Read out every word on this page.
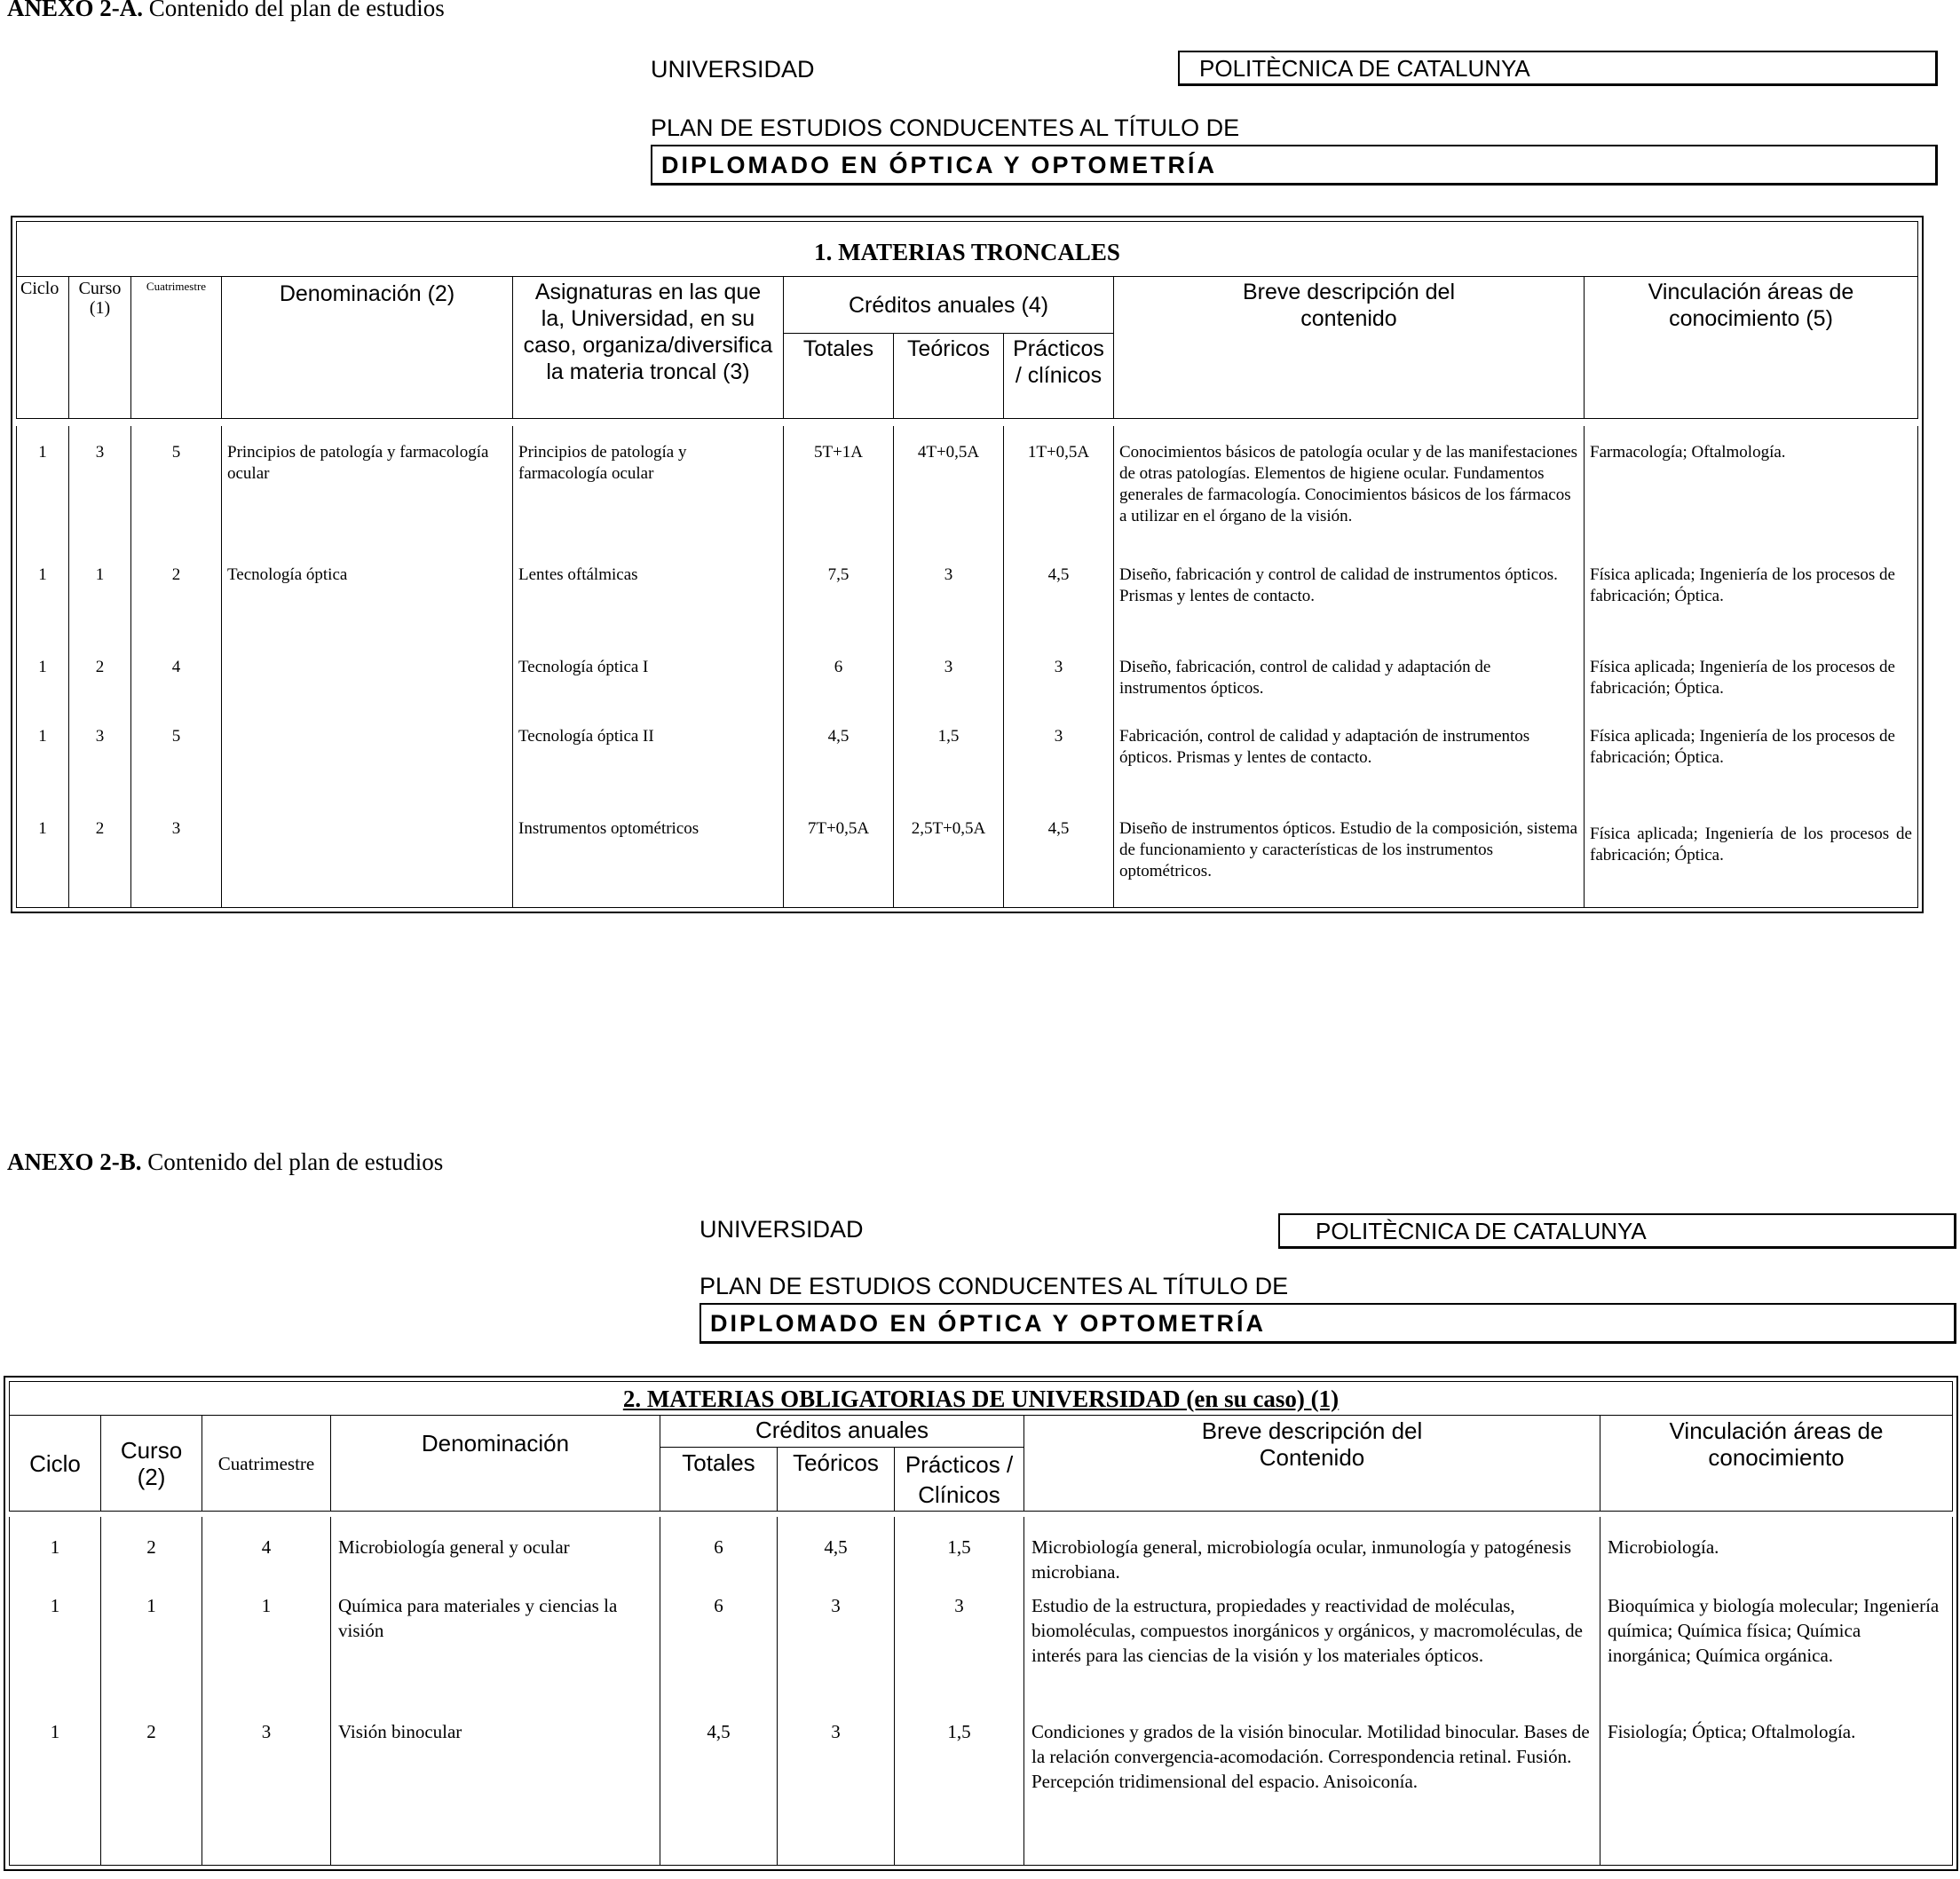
ANEXO 2-A. Contenido del plan de estudios
UNIVERSIDAD	POLITÈCNICA DE CATALUNYA
PLAN DE ESTUDIOS CONDUCENTES AL TÍTULO DE
DIPLOMADO EN ÓPTICA Y OPTOMETRÍA
1. MATERIAS TRONCALES									
Ciclo	Curso (1)	Cuatrimestre	Denominación (2)	Asignaturas en las que la, Universidad, en su caso, organiza/diversifica la materia troncal (3)	Créditos anuales (4)			Breve descripción del contenido	Vinculación áreas de conocimiento (5)
					Totales	Teóricos	Prácticos / clínicos		

1	3	5	Principios de patología y farmacología ocular	Principios de patología y farmacología ocular	5T+1A	4T+0,5A	1T+0,5A	Conocimientos básicos de patología ocular y de las manifestaciones de otras patologías. Elementos de higiene ocular. Fundamentos generales de farmacología. Conocimientos básicos de los fármacos a utilizar en el órgano de la visión.	Farmacología; Oftalmología.
1	1	2	Tecnología óptica	Lentes oftálmicas	7,5	3	4,5	Diseño, fabricación y control de calidad de instrumentos ópticos. Prismas y lentes de contacto.	Física aplicada; Ingeniería de los procesos de fabricación; Óptica.
1	2	4		Tecnología óptica I	6	3	3	Diseño, fabricación, control de calidad y adaptación de instrumentos ópticos.	Física aplicada; Ingeniería de los procesos de fabricación; Óptica.
1	3	5		Tecnología óptica II	4,5	1,5	3	Fabricación, control de calidad y adaptación de instrumentos ópticos. Prismas y lentes de contacto.	Física aplicada; Ingeniería de los procesos de fabricación; Óptica.
1	2	3		Instrumentos optométricos	7T+0,5A	2,5T+0,5A	4,5	Diseño de instrumentos ópticos. Estudio de la composición, sistema de funcionamiento y características de los instrumentos optométricos.	Física aplicada; Ingeniería de los procesos de fabricación; Óptica.
ANEXO 2-B. Contenido del plan de estudios
UNIVERSIDAD	POLITÈCNICA DE CATALUNYA
PLAN DE ESTUDIOS CONDUCENTES AL TÍTULO DE
DIPLOMADO EN ÓPTICA Y OPTOMETRÍA
2. MATERIAS OBLIGATORIAS DE UNIVERSIDAD (en su caso) (1)								
Ciclo	Curso (2)	Cuatrimestre	Denominación	Créditos anuales			Breve descripción del Contenido	Vinculación áreas de conocimiento
				Totales	Teóricos	Prácticos / Clínicos		

1	2	4	Microbiología general y ocular	6	4,5	1,5	Microbiología general, microbiología ocular, inmunología y patogénesis microbiana.	Microbiología.
1	1	1	Química para materiales y ciencias la visión	6	3	3	Estudio de la estructura, propiedades y reactividad de moléculas, biomoléculas, compuestos inorgánicos y orgánicos, y macromoléculas, de interés para las ciencias de la visión y los materiales ópticos.	Bioquímica y biología molecular; Ingeniería química; Química física; Química inorgánica; Química orgánica.
1	2	3	Visión binocular	4,5	3	1,5	Condiciones y grados de la visión binocular. Motilidad binocular. Bases de la relación convergencia-acomodación. Correspondencia retinal. Fusión. Percepción tridimensional del espacio. Anisoiconía.	Fisiología; Óptica; Oftalmología.
